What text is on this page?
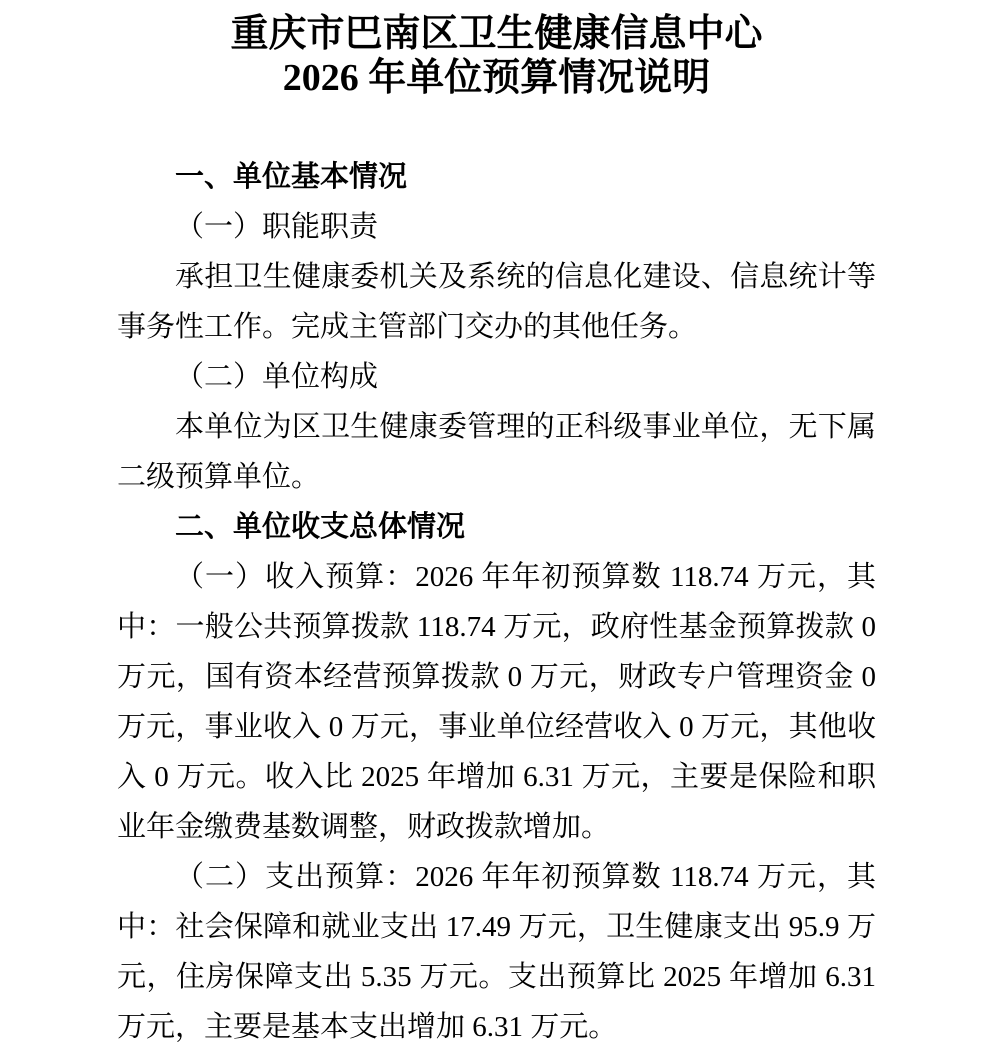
重庆市巴南区卫生健康信息中心
2026 年单位预算情况说明
一、单位基本情况
（一）职能职责

承担卫生健康委机关及系统的信息化建设、信息统计等事务性工作。完成主管部门交办的其他任务。

（二）单位构成

本单位为区卫生健康委管理的正科级事业单位，无下属二级预算单位。

二、单位收支总体情况

（一）收入预算：2026 年年初预算数 118.74 万元，其中：一般公共预算拨款 118.74 万元，政府性基金预算拨款 0 万元，国有资本经营预算拨款 0 万元，财政专户管理资金 0 万元，事业收入 0 万元，事业单位经营收入 0 万元，其他收入 0 万元。收入比 2025 年增加 6.31 万元，主要是保险和职业年金缴费基数调整，财政拨款增加。

（二）支出预算：2026 年年初预算数 118.74 万元，其中：社会保障和就业支出 17.49 万元，卫生健康支出 95.9 万元，住房保障支出 5.35 万元。支出预算比 2025 年增加 6.31 万元，主要是基本支出增加 6.31 万元。
